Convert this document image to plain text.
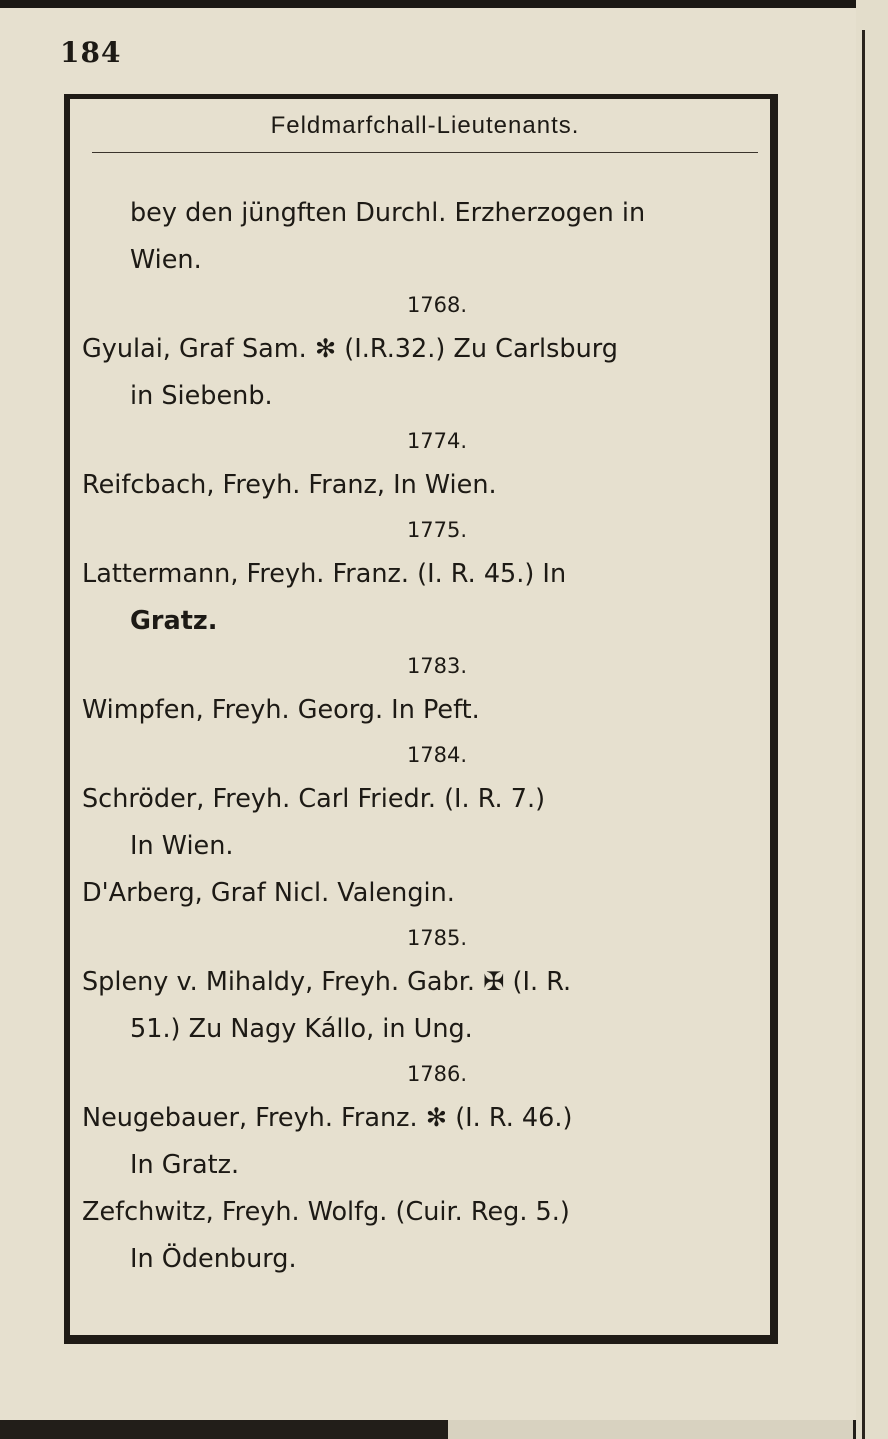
184
Feldmarfchall-Lieutenants.
bey den jüngften Durchl. Erzherzogen in
Wien.
1768.
Gyulai, Graf Sam. ✻ (I.R.32.) Zu Carlsburg
in Siebenb.
1774.
Reifcbach, Freyh. Franz, In Wien.
1775.
Lattermann, Freyh. Franz. (I. R. 45.) In
Gratz.
1783.
Wimpfen, Freyh. Georg. In Peft.
1784.
Schröder, Freyh. Carl Friedr. (I. R. 7.)
In Wien.
D'Arberg, Graf Nicl. Valengin.
1785.
Spleny v. Mihaldy, Freyh. Gabr. ✠ (I. R.
51.) Zu Nagy Kállo, in Ung.
1786.
Neugebauer, Freyh. Franz. ✻ (I. R. 46.)
In Gratz.
Zefchwitz, Freyh. Wolfg. (Cuir. Reg. 5.)
In Ödenburg.
